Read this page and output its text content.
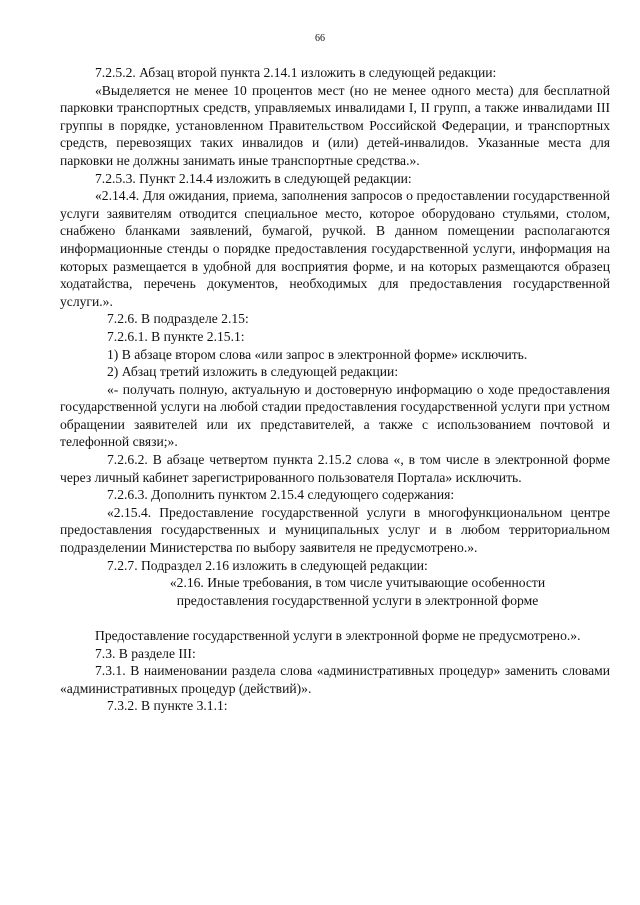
66

7.2.5.2. Абзац второй пункта 2.14.1 изложить в следующей редакции:

«Выделяется не менее 10 процентов мест (но не менее одного места) для бесплатной парковки транспортных средств, управляемых инвалидами I, II групп, а также инвалидами III группы в порядке, установленном Правительством Российской Федерации, и транспортных средств, перевозящих таких инвалидов и (или) детей-инвалидов. Указанные места для парковки не должны занимать иные транспортные средства.».

7.2.5.3. Пункт 2.14.4 изложить в следующей редакции:

«2.14.4. Для ожидания, приема, заполнения запросов о предоставлении государственной услуги заявителям отводится специальное место, которое оборудовано стульями, столом, снабжено бланками заявлений, бумагой, ручкой. В данном помещении располагаются информационные стенды о порядке предоставления государственной услуги, информация на которых размещается в удобной для восприятия форме, и на которых размещаются образец ходатайства, перечень документов, необходимых для предоставления государственной услуги.».

7.2.6. В подразделе 2.15:

7.2.6.1. В пункте 2.15.1:

1) В абзаце втором слова «или запрос в электронной форме» исключить.

2) Абзац третий изложить в следующей редакции:

«- получать полную, актуальную и достоверную информацию о ходе предоставления государственной услуги на любой стадии предоставления государственной услуги при устном обращении заявителей или их представителей, а также с использованием почтовой и телефонной связи;».

7.2.6.2. В абзаце четвертом пункта 2.15.2 слова «, в том числе в электронной форме через личный кабинет зарегистрированного пользователя Портала» исключить.

7.2.6.3. Дополнить пунктом 2.15.4 следующего содержания:

«2.15.4. Предоставление государственной услуги в многофункциональном центре предоставления государственных и муниципальных услуг и в любом территориальном подразделении Министерства по выбору заявителя не предусмотрено.».

7.2.7. Подраздел 2.16 изложить в следующей редакции:

«2.16. Иные требования, в том числе учитывающие особенности
предоставления государственной услуги в электронной форме

Предоставление государственной услуги в электронной форме не предусмотрено.».

7.3. В разделе III:

7.3.1. В наименовании раздела слова «административных процедур» заменить словами «административных процедур (действий)».

7.3.2. В пункте 3.1.1:
